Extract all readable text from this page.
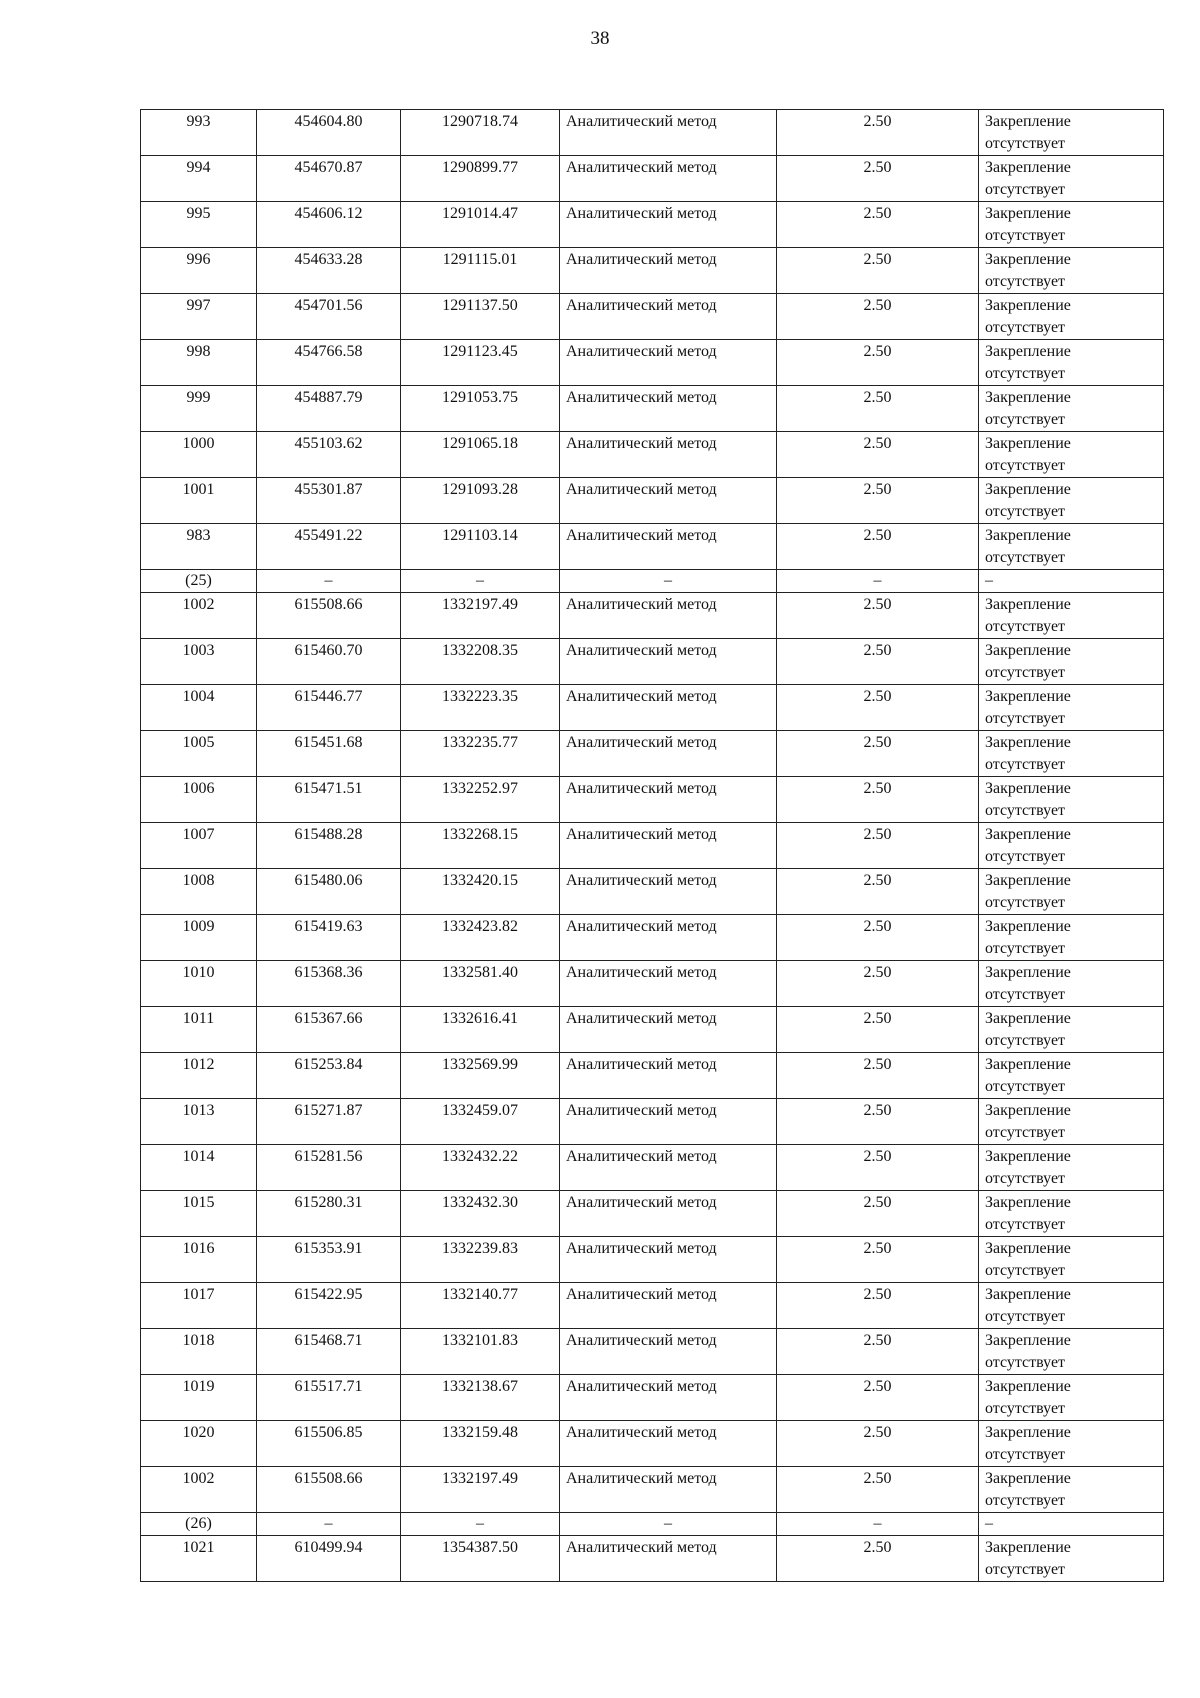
38
993	454604.80	1290718.74	Аналитический метод	2.50	Закрепление
отсутствует

994	454670.87	1290899.77	Аналитический метод	2.50	Закрепление
отсутствует

995	454606.12	1291014.47	Аналитический метод	2.50	Закрепление
отсутствует

996	454633.28	1291115.01	Аналитический метод	2.50	Закрепление
отсутствует

997	454701.56	1291137.50	Аналитический метод	2.50	Закрепление
отсутствует

998	454766.58	1291123.45	Аналитический метод	2.50	Закрепление
отсутствует

999	454887.79	1291053.75	Аналитический метод	2.50	Закрепление
отсутствует

1000	455103.62	1291065.18	Аналитический метод	2.50	Закрепление
отсутствует

1001	455301.87	1291093.28	Аналитический метод	2.50	Закрепление
отсутствует

983	455491.22	1291103.14	Аналитический метод	2.50	Закрепление
отсутствует

(25)	–	–	–	–	–

1002	615508.66	1332197.49	Аналитический метод	2.50	Закрепление
отсутствует

1003	615460.70	1332208.35	Аналитический метод	2.50	Закрепление
отсутствует

1004	615446.77	1332223.35	Аналитический метод	2.50	Закрепление
отсутствует

1005	615451.68	1332235.77	Аналитический метод	2.50	Закрепление
отсутствует

1006	615471.51	1332252.97	Аналитический метод	2.50	Закрепление
отсутствует

1007	615488.28	1332268.15	Аналитический метод	2.50	Закрепление
отсутствует

1008	615480.06	1332420.15	Аналитический метод	2.50	Закрепление
отсутствует

1009	615419.63	1332423.82	Аналитический метод	2.50	Закрепление
отсутствует

1010	615368.36	1332581.40	Аналитический метод	2.50	Закрепление
отсутствует

1011	615367.66	1332616.41	Аналитический метод	2.50	Закрепление
отсутствует

1012	615253.84	1332569.99	Аналитический метод	2.50	Закрепление
отсутствует

1013	615271.87	1332459.07	Аналитический метод	2.50	Закрепление
отсутствует

1014	615281.56	1332432.22	Аналитический метод	2.50	Закрепление
отсутствует

1015	615280.31	1332432.30	Аналитический метод	2.50	Закрепление
отсутствует

1016	615353.91	1332239.83	Аналитический метод	2.50	Закрепление
отсутствует

1017	615422.95	1332140.77	Аналитический метод	2.50	Закрепление
отсутствует

1018	615468.71	1332101.83	Аналитический метод	2.50	Закрепление
отсутствует

1019	615517.71	1332138.67	Аналитический метод	2.50	Закрепление
отсутствует

1020	615506.85	1332159.48	Аналитический метод	2.50	Закрепление
отсутствует

1002	615508.66	1332197.49	Аналитический метод	2.50	Закрепление
отсутствует

(26)	–	–	–	–	–

1021	610499.94	1354387.50	Аналитический метод	2.50	Закрепление
отсутствует
